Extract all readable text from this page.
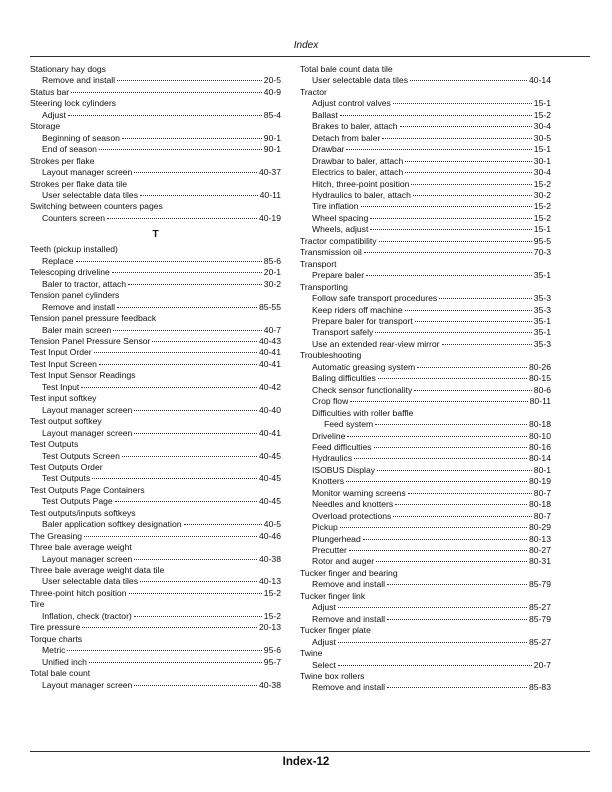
Index
Stationary hay dogs
Remove and install	20-5
Status bar	40-9
Steering lock cylinders
Adjust	85-4
Storage
Beginning of season	90-1
End of season	90-1
Strokes per flake
Layout manager screen	40-37
Strokes per flake data tile
User selectable data tiles	40-11
Switching between counters pages
Counters screen	40-19
T
Teeth (pickup installed)
Replace	85-6
Telescoping driveline	20-1
Baler to tractor, attach	30-2
Tension panel cylinders
Remove and install	85-55
Tension panel pressure feedback
Baler main screen	40-7
Tension Panel Pressure Sensor	40-43
Test Input Order	40-41
Test Input Screen	40-41
Test Input Sensor Readings
Test Input	40-42
Test input softkey
Layout manager screen	40-40
Test output softkey
Layout manager screen	40-41
Test Outputs
Test Outputs Screen	40-45
Test Outputs Order
Test Outputs	40-45
Test Outputs Page Containers
Test Outputs Page	40-45
Test outputs/inputs softkeys
Baler application softkey designation	40-5
The Greasing	40-46
Three bale average weight
Layout manager screen	40-38
Three bale average weight data tile
User selectable data tiles	40-13
Three-point hitch position	15-2
Tire
Inflation, check (tractor)	15-2
Tire pressure	20-13
Torque charts
Metric	95-6
Unified inch	95-7
Total bale count
Layout manager screen	40-38
Total bale count data tile
User selectable data tiles	40-14
Tractor
Adjust control valves	15-1
Ballast	15-2
Brakes to baler, attach	30-4
Detach from baler	30-5
Drawbar	15-1
Drawbar to baler, attach	30-1
Electrics to baler, attach	30-4
Hitch, three-point position	15-2
Hydraulics to baler, attach	30-2
Tire inflation	15-2
Wheel spacing	15-2
Wheels, adjust	15-1
Tractor compatibility	95-5
Transmission oil	70-3
Transport
Prepare baler	35-1
Transporting
Follow safe transport procedures	35-3
Keep riders off machine	35-3
Prepare baler for transport	35-1
Transport safely	35-1
Use an extended rear-view mirror	35-3
Troubleshooting
Automatic greasing system	80-26
Baling difficulties	80-15
Check sensor functionality	80-6
Crop flow	80-11
Difficulties with roller baffle
Feed system	80-18
Driveline	80-10
Feed difficulties	80-16
Hydraulics	80-14
ISOBUS Display	80-1
Knotters	80-19
Monitor warning screens	80-7
Needles and knotters	80-18
Overload protections	80-7
Pickup	80-29
Plungerhead	80-13
Precutter	80-27
Rotor and auger	80-31
Tucker finger and bearing
Remove and install	85-79
Tucker finger link
Adjust	85-27
Remove and install	85-79
Tucker finger plate
Adjust	85-27
Twine
Select	20-7
Twine box rollers
Remove and install	85-83
Index-12
